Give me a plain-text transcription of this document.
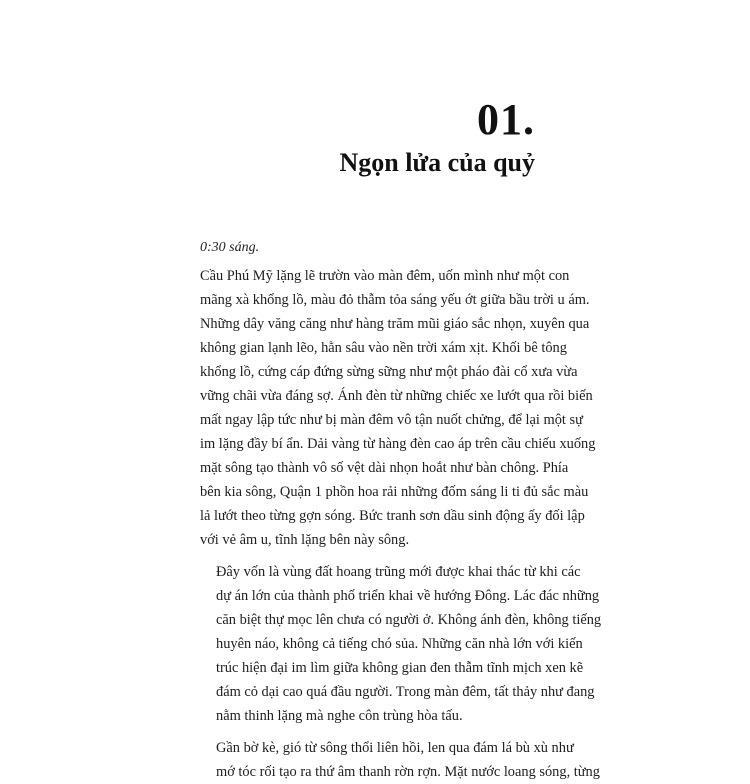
01.
Ngọn lửa của quỷ
0:30 sáng.

Cầu Phú Mỹ lặng lẽ trườn vào màn đêm, uốn mình như một con
mãng xà khổng lồ, màu đỏ thẫm tỏa sáng yếu ớt giữa bầu trời u ám.
Những dây văng căng như hàng trăm mũi giáo sắc nhọn, xuyên qua
không gian lạnh lẽo, hằn sâu vào nền trời xám xịt. Khối bê tông
khổng lồ, cứng cáp đứng sừng sững như một pháo đài cổ xưa vừa
vững chãi vừa đáng sợ. Ánh đèn từ những chiếc xe lướt qua rồi biến
mất ngay lập tức như bị màn đêm vô tận nuốt chửng, để lại một sự
im lặng đầy bí ẩn. Dải vàng từ hàng đèn cao áp trên cầu chiếu xuống
mặt sông tạo thành vô số vệt dài nhọn hoắt như bàn chông. Phía
bên kia sông, Quận 1 phồn hoa rải những đốm sáng li ti đủ sắc màu
lả lướt theo từng gợn sóng. Bức tranh sơn dầu sinh động ấy đối lập
với vẻ âm u, tĩnh lặng bên này sông.

Đây vốn là vùng đất hoang trũng mới được khai thác từ khi các
dự án lớn của thành phố triển khai về hướng Đông. Lác đác những
căn biệt thự mọc lên chưa có người ở. Không ánh đèn, không tiếng
huyên náo, không cả tiếng chó sủa. Những căn nhà lớn với kiến
trúc hiện đại im lìm giữa không gian đen thẫm tĩnh mịch xen kẽ
đám cỏ dại cao quá đầu người. Trong màn đêm, tất thảy như đang
nằm thinh lặng mà nghe côn trùng hòa tấu.

Gần bờ kè, gió từ sông thổi liên hồi, len qua đám lá bù xù như
mớ tóc rối tạo ra thứ âm thanh rờn rợn. Mặt nước loang sóng, từng
